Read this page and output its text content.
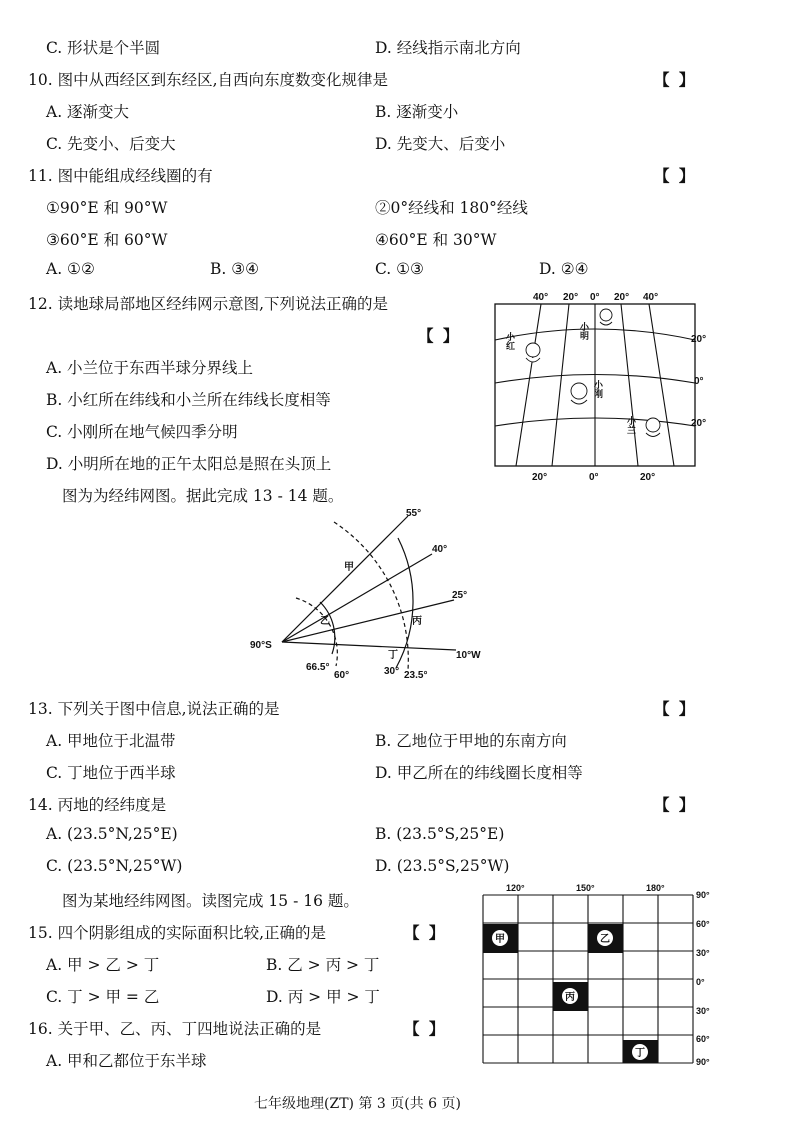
C. 形状是个半圆	D. 经线指示南北方向
10. 图中从西经区到东经区,自西向东度数变化规律是	【 】
A. 逐渐变大	B. 逐渐变小
C. 先变小、后变大	D. 先变大、后变小
11. 图中能组成经线圈的有	【 】
①90°E 和 90°W	②0°经线和 180°经线
③60°E 和 60°W	④60°E 和 30°W
A. ①②	B. ③④	C. ①③	D. ②④
12. 读地球局部地区经纬网示意图,下列说法正确的是
【 】
A. 小兰位于东西半球分界线上
B. 小红所在纬线和小兰所在纬线长度相等
C. 小刚所在地气候四季分明
D. 小明所在地的正午太阳总是照在头顶上
40° 20° 0° 20° 40°
20°	0°	20°
20°
0°
20°
小红
小明
小刚
小兰
图为为经纬网图。据此完成 13 - 14 题。
90°S
55°
40°
25°
10°W
66.5°
60°	30° 23.5°
甲
乙	丙
丁
13. 下列关于图中信息,说法正确的是	【 】
A. 甲地位于北温带	B. 乙地位于甲地的东南方向
C. 丁地位于西半球	D. 甲乙所在的纬线圈长度相等
14. 丙地的经纬度是	【 】
A. (23.5°N,25°E)	B. (23.5°S,25°E)
C. (23.5°N,25°W)	D. (23.5°S,25°W)
图为某地经纬网图。读图完成 15 - 16 题。
15. 四个阴影组成的实际面积比较,正确的是	【 】
A. 甲 > 乙 > 丁	B. 乙 > 丙 > 丁
C. 丁 > 甲 = 乙	D. 丙 > 甲 > 丁
16. 关于甲、乙、丙、丁四地说法正确的是	【 】
A. 甲和乙都位于东半球
甲	乙
丙
丁
120°	150°	180°
90°
60°
30°
0°
30°
60°
90°
七年级地理(ZT) 第 3 页(共 6 页)
